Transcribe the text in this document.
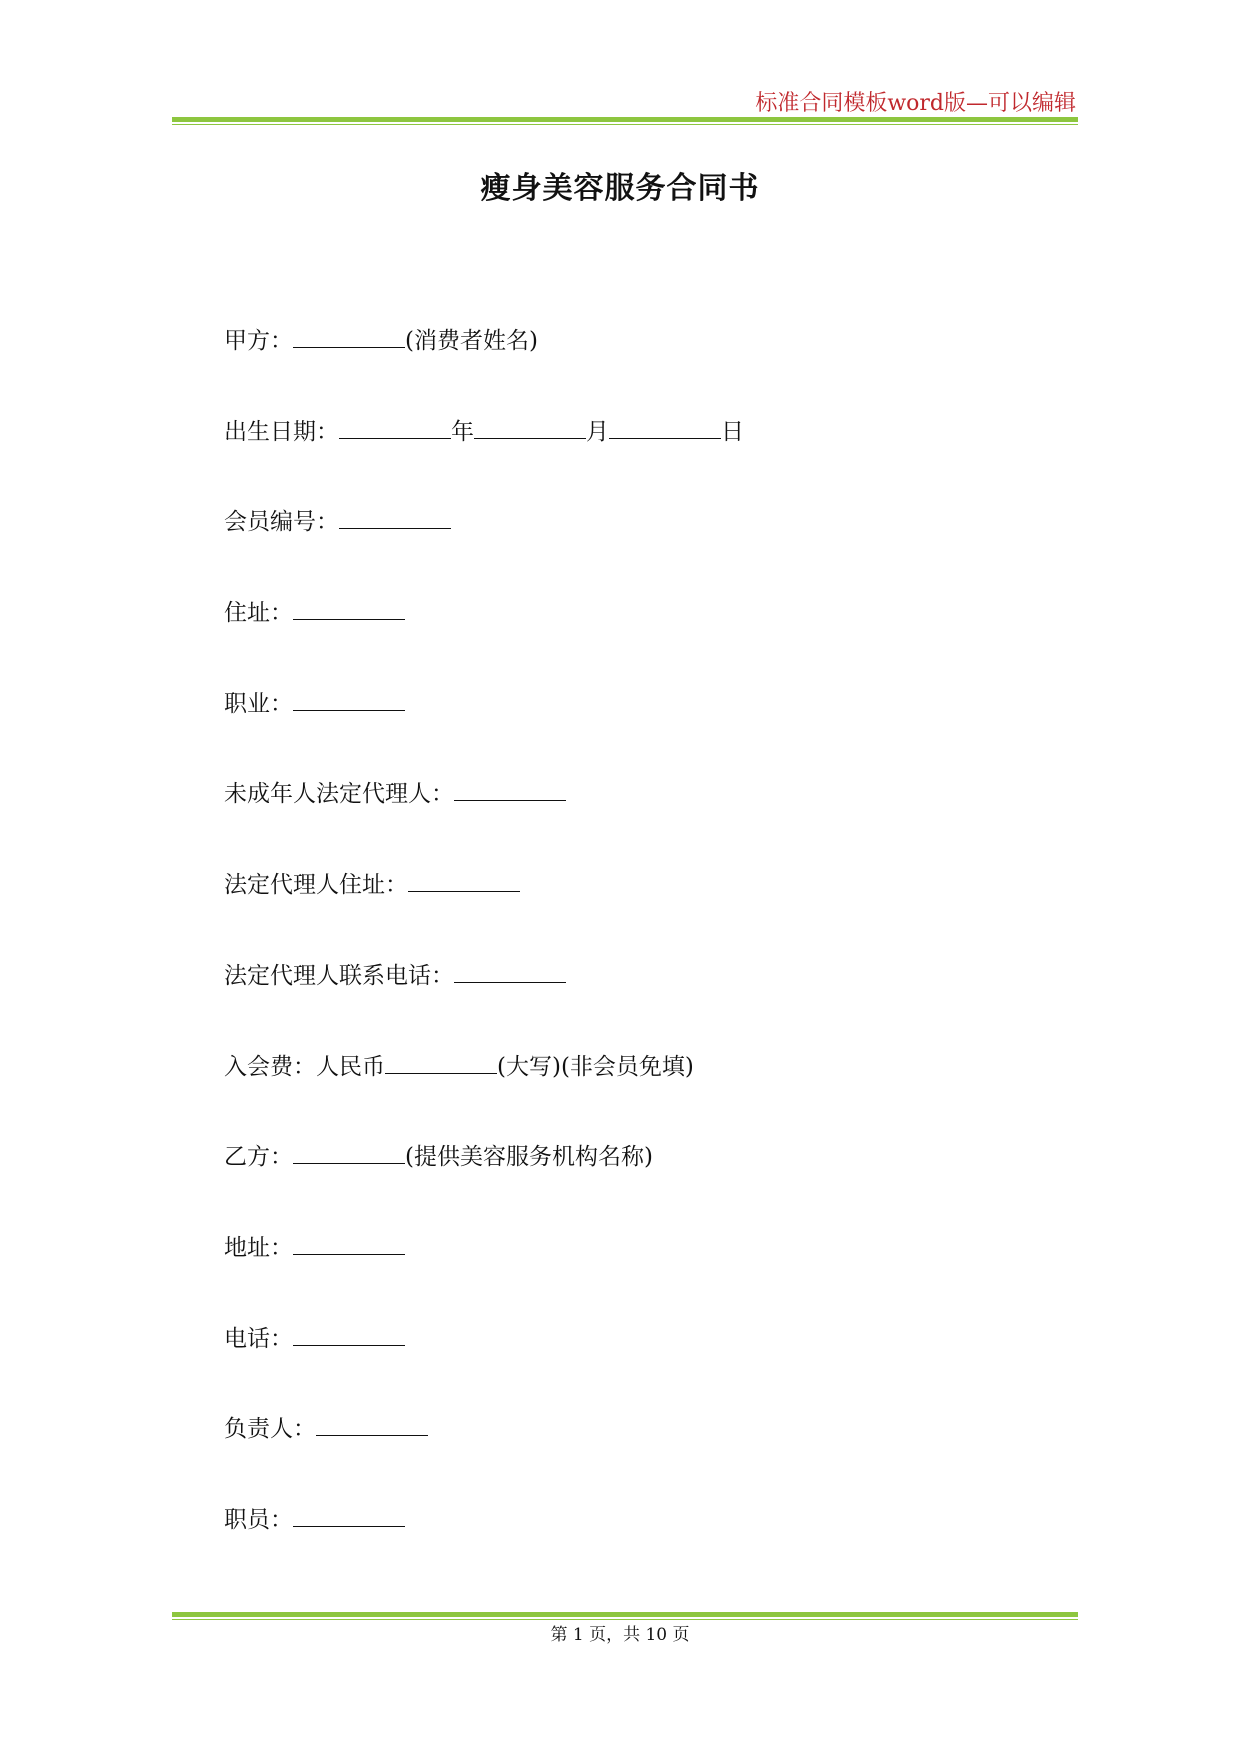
标准合同模板word版—可以编辑
瘦身美容服务合同书
甲方：	(消费者姓名)
出生日期：	年	月	日
会员编号：
住址：
职业：
未成年人法定代理人：
法定代理人住址：
法定代理人联系电话：
入会费：人民币	(大写)(非会员免填)
乙方：	(提供美容服务机构名称)
地址：
电话：
负责人：
职员：
第 1 页，共 10 页
